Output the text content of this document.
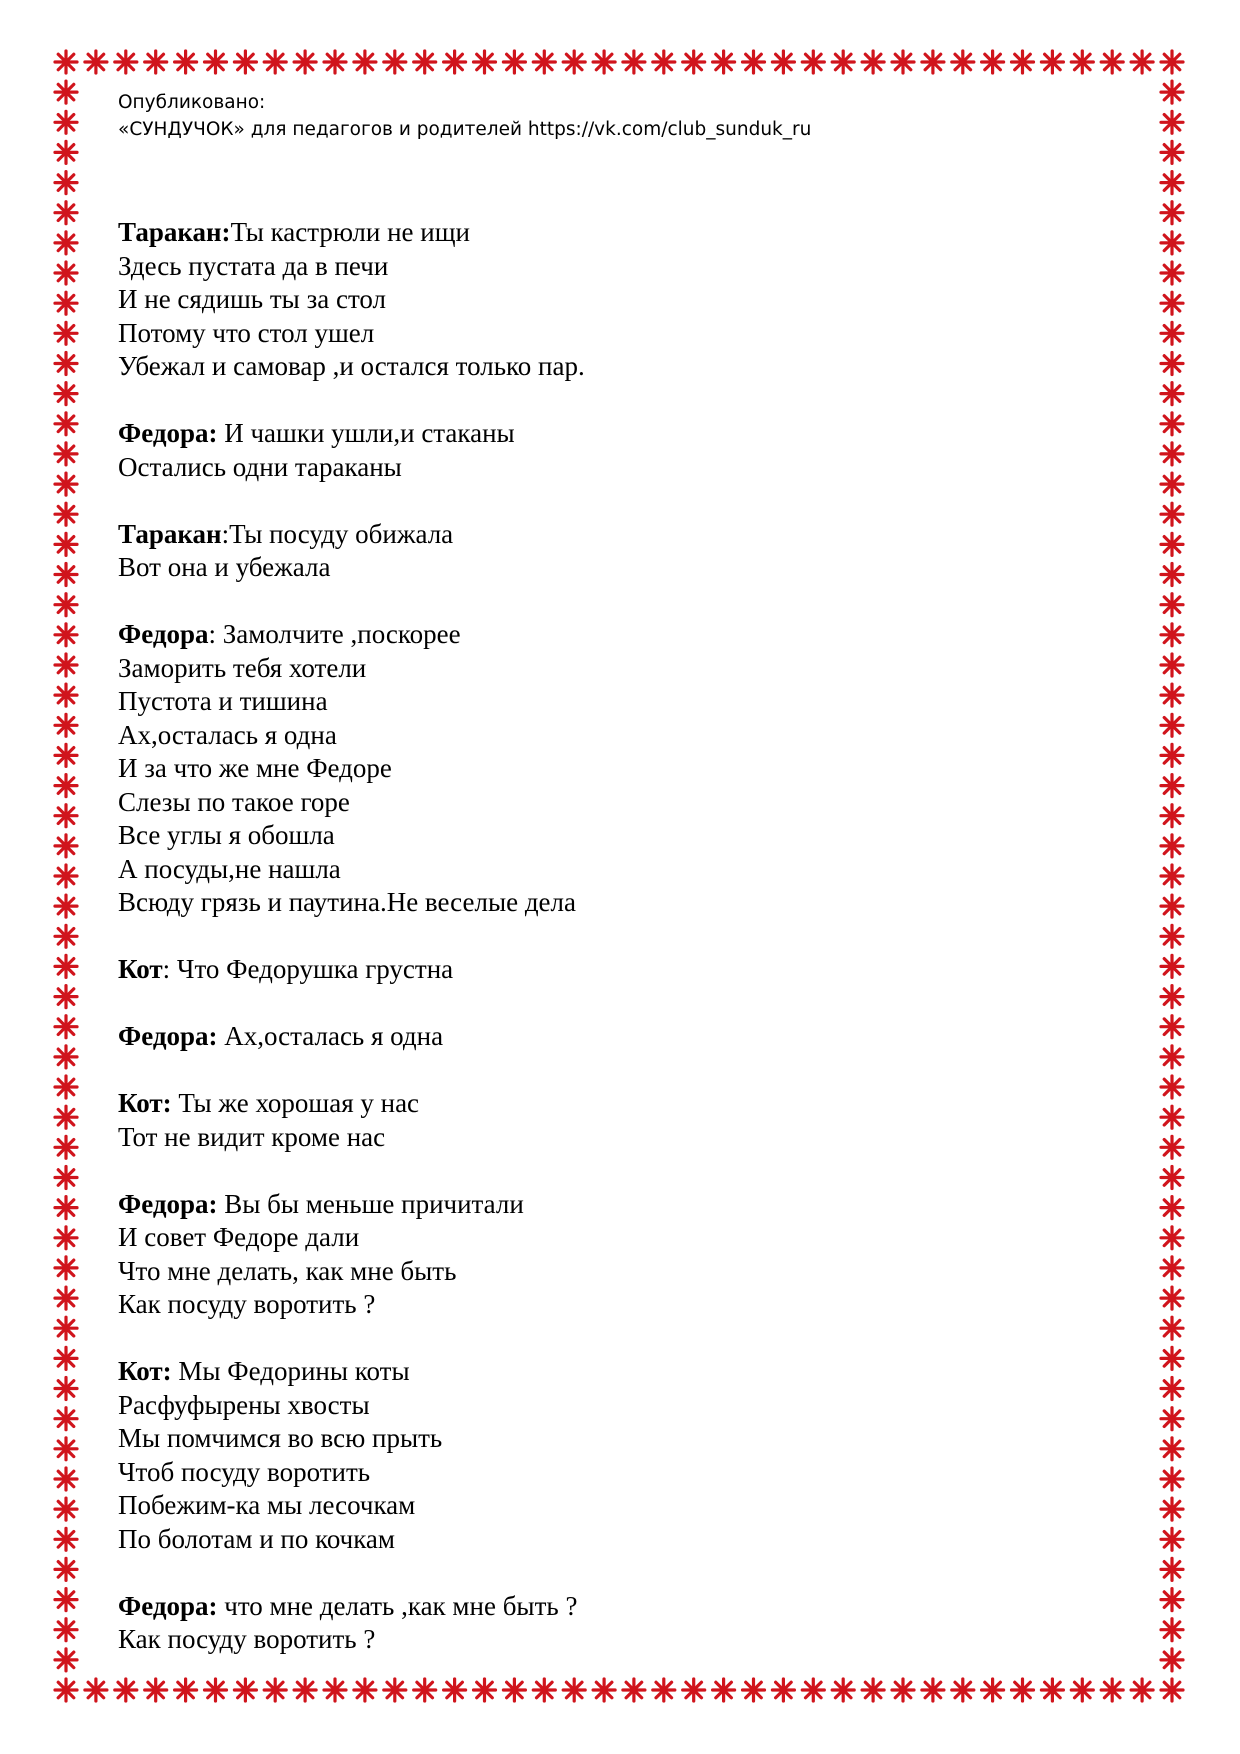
Опубликовано:
«СУНДУЧОК» для педагогов и родителей https://vk.com/club_sunduk_ru
Таракан:Ты кастрюли не ищи
Здесь пустата да в печи
И не сядишь ты за стол
Потому что стол ушел
Убежал и самовар ,и остался только пар.
Федора: И чашки ушли,и стаканы
Остались одни тараканы
Таракан:Ты посуду обижала
Вот она и убежала
Федора: Замолчите ,поскорее
Заморить тебя хотели
Пустота и тишина
Ах,осталась я одна
И за что же мне Федоре
Слезы по такое горе
Все углы я обошла
А посуды,не нашла
Всюду грязь и паутина.Не веселые дела
Кот: Что Федорушка грустна
Федора: Ах,осталась я одна
Кот: Ты же хорошая у нас
Тот не видит кроме нас
Федора: Вы бы меньше причитали
И совет Федоре дали
Что мне делать, как мне быть
Как посуду воротить ?
Кот: Мы Федорины коты
Расфуфырены хвосты
Мы помчимся во всю прыть
Чтоб посуду воротить
Побежим-ка мы лесочкам
По болотам и по кочкам
Федора: что мне делать ,как мне быть ?
Как посуду воротить ?
